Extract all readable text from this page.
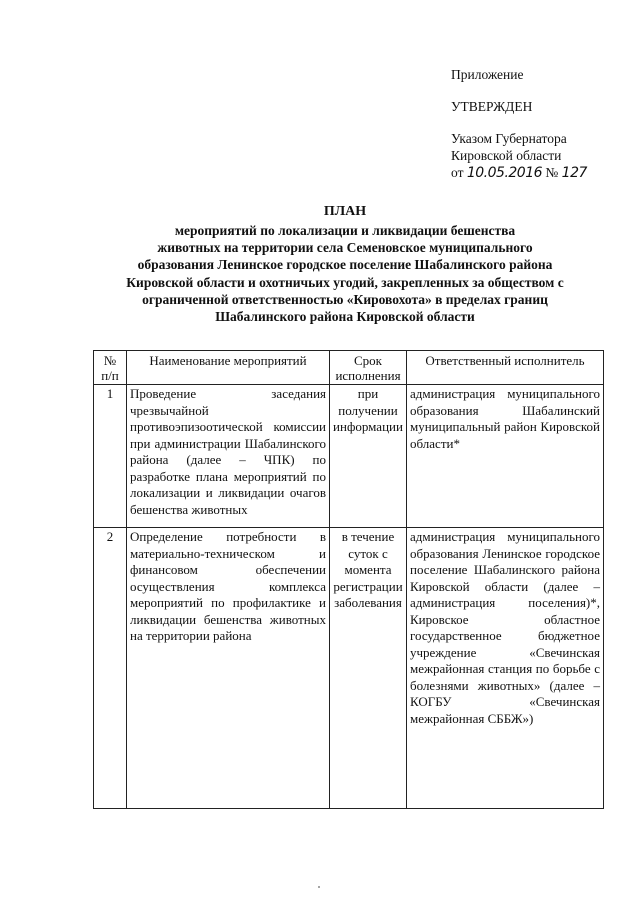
Приложение
УТВЕРЖДЕН
Указом Губернатора
Кировской области
от 10.05.2016 № 127
ПЛАН
мероприятий по локализации и ликвидации бешенства
животных на территории села Семеновское муниципального
образования Ленинское городское поселение Шабалинского района
Кировской области и охотничьих угодий, закрепленных за обществом с
ограниченной ответственностью «Кировохота» в пределах границ
Шабалинского района Кировской области
№ п/п	Наименование мероприятий	Срок исполнения	Ответственный исполнитель
1	Проведение заседания чрезвычайной противоэпизоотической комиссии при администрации Шабалинского района (далее – ЧПК) по разработке плана мероприятий по локализации и ликвидации очагов бешенства животных	при получении информации	администрация муниципального образования Шабалинский муниципальный район Кировской области*
2	Определение потребности в материально-техническом и финансовом обеспечении осуществления комплекса мероприятий по профилактике и ликвидации бешенства животных на территории района	в течение суток с момента регистрации заболевания	администрация муниципального образования Ленинское городское поселение Шабалинского района Кировской области (далее – администрация поселения)*, Кировское областное государственное бюджетное учреждение «Свечинская межрайонная станция по борьбе с болезнями животных» (далее – КОГБУ «Свечинская межрайонная СББЖ»)
